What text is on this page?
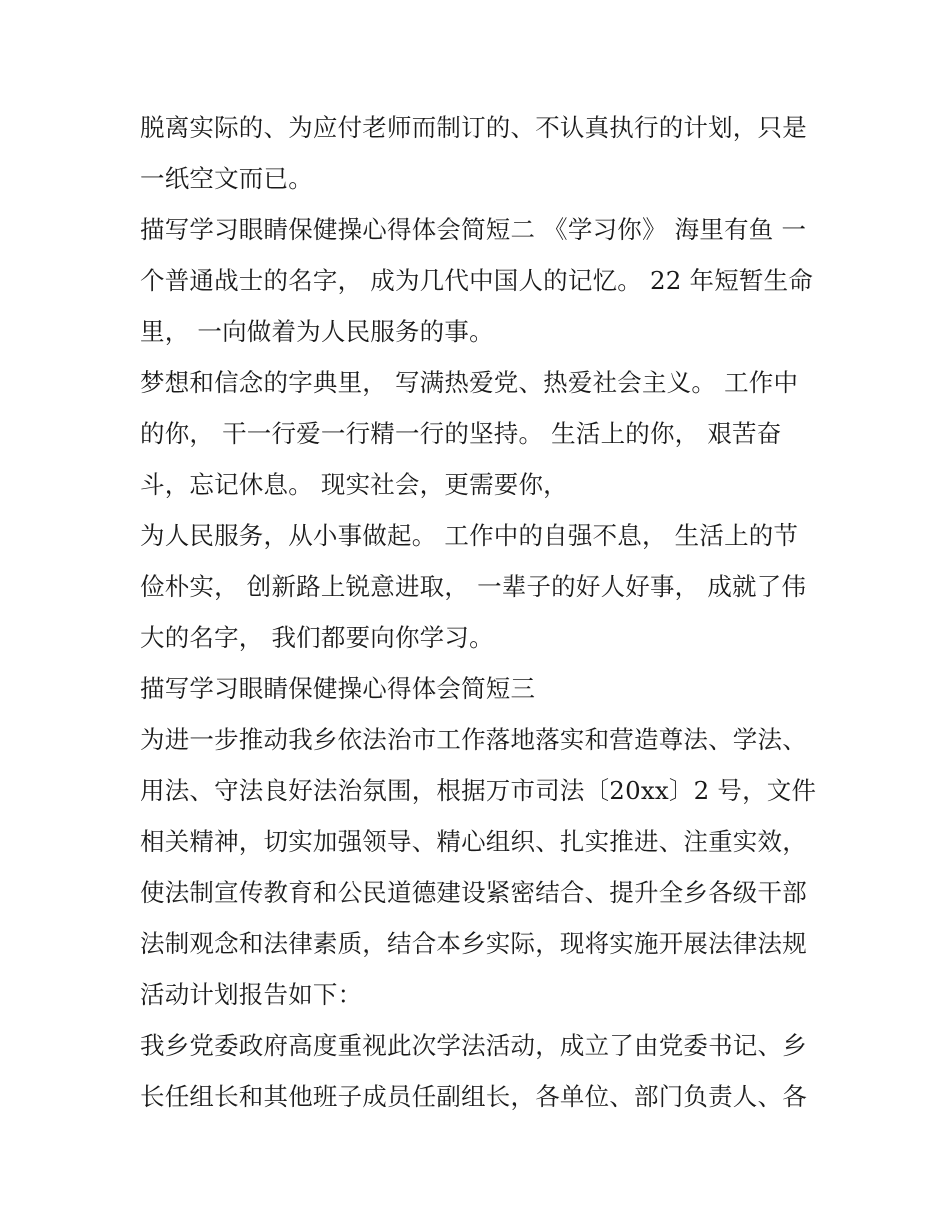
脱离实际的、为应付老师而制订的、不认真执行的计划，只是
一纸空文而已。
描写学习眼睛保健操心得体会简短二 《学习你》 海里有鱼 一
个普通战士的名字， 成为几代中国人的记忆。 22 年短暂生命
里， 一向做着为人民服务的事。
梦想和信念的字典里， 写满热爱党、热爱社会主义。 工作中
的你， 干一行爱一行精一行的坚持。 生活上的你， 艰苦奋
斗，忘记休息。 现实社会，更需要你，
为人民服务，从小事做起。 工作中的自强不息， 生活上的节
俭朴实， 创新路上锐意进取， 一辈子的好人好事， 成就了伟
大的名字， 我们都要向你学习。
描写学习眼睛保健操心得体会简短三
为进一步推动我乡依法治市工作落地落实和营造尊法、学法、
用法、守法良好法治氛围，根据万市司法〔20xx〕2 号，文件
相关精神，切实加强领导、精心组织、扎实推进、注重实效，
使法制宣传教育和公民道德建设紧密结合、提升全乡各级干部
法制观念和法律素质，结合本乡实际，现将实施开展法律法规
活动计划报告如下：
我乡党委政府高度重视此次学法活动，成立了由党委书记、乡
长任组长和其他班子成员任副组长，各单位、部门负责人、各
